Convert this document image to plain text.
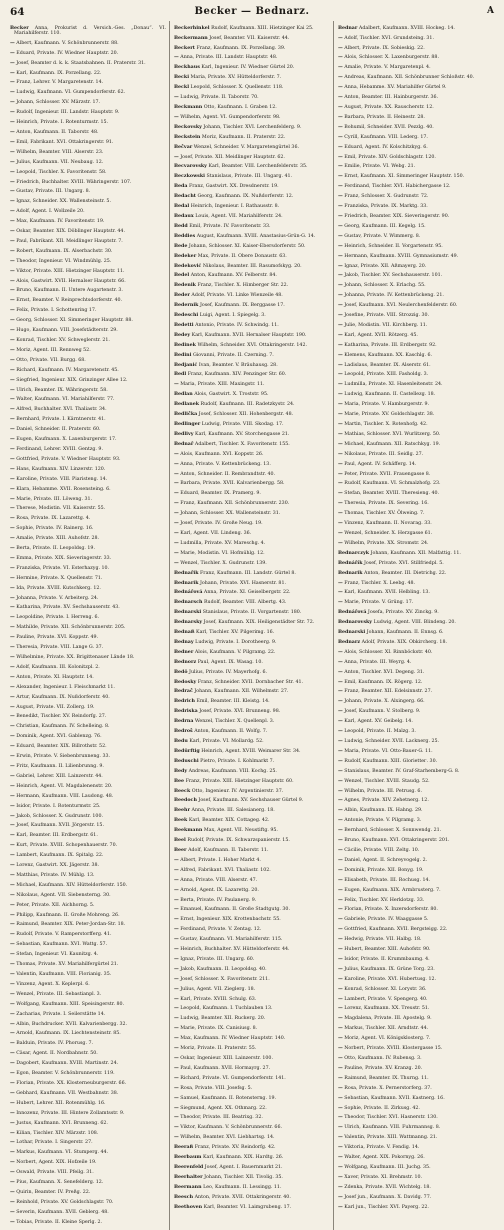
64	Becker — Bednarz.	A

Becker Anna, Prokurist d. Versich.-Ges. „Donau“. VI. Mariahilferstr. 110.

— Albert, Kaufmann. V. Schönbrunnerstr. 88.

— Eduard, Private. IV. Wiedner Hauptstr. 20.

— Josef, Beamter d. k. k. Staatsbahnen. II. Praterstr. 31.

— Karl, Kaufmann. IX. Porzellang. 22.

— Franz, Lehrer. V. Margaretenstr. 14.

— Ludwig, Kaufmann. VI. Gumpendorferstr. 62.

— Johann, Schlosser. XV. Märzstr. 17.

— Rudolf, Ingenieur. III. Landstr. Hauptstr. 9.

— Heinrich, Private. I. Rotenturmstr. 15.

— Anton, Kaufmann. II. Taborstr. 48.

— Emil, Fabrikant. XVI. Ottakringerstr. 91.

— Wilhelm, Beamter. VIII. Alserstr. 23.

— Julius, Kaufmann. VII. Neubaug. 12.

— Leopold, Tischler. X. Favoritenstr. 58.

— Friedrich, Buchhalter. XVIII. Währingerstr. 107.

— Gustav, Private. III. Ungarg. 8.

— Ignaz, Schneider. XX. Wallensteinstr. 5.

— Adolf, Agent. I. Wollzeile 20.

— Max, Kaufmann. IV. Favoritenstr. 19.

— Oskar, Beamter. XIX. Döblinger Hauptstr. 44.

— Paul, Fabrikant. XII. Meidlinger Hauptstr. 7.

— Robert, Kaufmann. IX. Alserbachstr. 30.

— Theodor, Ingenieur. VI. Windmühlg. 25.

— Viktor, Private. XIII. Hietzinger Hauptstr. 11.

— Alois, Gastwirt. XVII. Hernalser Hauptstr. 66.

— Bruno, Kaufmann. II. Untere Augartenstr. 3.

— Ernst, Beamter. V. Reinprechtsdorferstr. 40.

— Felix, Private. I. Schottenring 17.

— Georg, Schlosser. XI. Simmeringer Hauptstr. 88.

— Hugo, Kaufmann. VIII. Josefstädterstr. 29.

— Konrad, Tischler. XV. Schweglerstr. 21.

— Moriz, Agent. III. Rennweg 52.

— Otto, Private. VII. Burgg. 68.

— Richard, Kaufmann. IV. Margaretenstr. 45.

— Siegfried, Ingenieur. XIX. Grinzinger Allee 12.

— Ulrich, Beamter. IX. Währingerstr. 58.

— Walter, Kaufmann. VI. Mariahilferstr. 77.

— Alfred, Buchhalter. XVI. Thaliastr. 34.

— Bernhard, Private. I. Kärntnerstr. 41.

— Daniel, Schneider. II. Praterstr. 60.

— Eugen, Kaufmann. X. Laxenburgerstr. 17.

— Ferdinand, Lehrer. XVIII. Gentzg. 9.

— Gottfried, Private. V. Wiedner Hauptstr. 93.

— Hans, Kaufmann. XIV. Linzerstr. 120.

— Karoline, Private. VIII. Piaristeng. 14.

— Klara, Hebamme. XVII. Rosensteing. 6.

— Marie, Private. III. Löweng. 31.

— Therese, Modistin. VII. Kaiserstr. 55.

— Rosa, Private. IX. Lazarettg. 4.

— Sophie, Private. IV. Rainerg. 16.

— Amalie, Private. XIII. Auhofstr. 28.

— Berta, Private. II. Leopoldsg. 19.

— Emma, Private. XIX. Sieveringerstr. 33.

— Franziska, Private. VI. Esterhazyg. 10.

— Hermine, Private. X. Quellenstr. 71.

— Ida, Private. XVIII. Kutschkerg. 12.

— Johanna, Private. V. Arbeiterg. 24.

— Katharina, Private. XV. Sechshauserstr. 43.

— Leopoldine, Private. I. Herreng. 6.

— Mathilde, Private. XII. Schönbrunnerstr. 205.

— Pauline, Private. XVI. Koppstr. 49.

— Theresia, Private. VIII. Lange G. 37.

— Wilhelmine, Private. XX. Brigittenauer Lände 18.

— Adolf, Kaufmann. III. Kolonitzpl. 2.

— Anton, Private. XI. Hauptstr. 14.

— Alexander, Ingenieur. I. Fleischmarkt 11.

— Artur, Kaufmann. IX. Nußdorferstr. 40.

— August, Private. VII. Zollerg. 19.

— Benedikt, Tischler. XV. Reindorfg. 27.

— Christian, Kaufmann. IV. Schelleing. 8.

— Dominik, Agent. XVI. Gablenzg. 76.

— Eduard, Beamter. XIX. Billrothstr. 52.

— Erwin, Private. V. Siebenbrunneng. 33.

— Fritz, Kaufmann. II. Lilienbrunng. 9.

— Gabriel, Lehrer. XIII. Lainzerstr. 44.

— Heinrich, Agent. VI. Magdalenenstr. 20.

— Hermann, Kaufmann. VIII. Laudong. 48.

— Isidor, Private. I. Rotenturmstr. 25.

— Jakob, Schlosser. X. Gudrunstr. 100.

— Josef, Kaufmann. XVII. Jörgerstr. 15.

— Karl, Beamter. III. Erdbergstr. 61.

— Kurt, Private. XVIII. Schopenhauerstr. 70.

— Lambert, Kaufmann. IX. Spitalg. 22.

— Lorenz, Gastwirt. XX. Jägerstr. 38.

— Matthias, Private. IV. Mühlg. 13.

— Michael, Kaufmann. XIV. Hütteldorferstr. 150.

— Nikolaus, Agent. VII. Siebensterng. 30.

— Peter, Private. XII. Aichhorng. 5.

— Philipp, Kaufmann. II. Große Mohreng. 26.

— Raimund, Beamter. XIX. Peter-Jordan-Str. 18.

— Rudolf, Private. V. Ramperstorfferg. 41.

— Sebastian, Kaufmann. XVI. Wattg. 57.

— Stefan, Ingenieur. VI. Kaunitzg. 4.

— Thomas, Private. XV. Mariahilfergürtel 21.

— Valentin, Kaufmann. VIII. Florianig. 35.

— Vinzenz, Agent. X. Keplerpl. 6.

— Wenzel, Private. III. Sebastianpl. 3.

— Wolfgang, Kaufmann. XIII. Speisingerstr. 80.

— Zacharias, Private. I. Seilerstätte 14.

— Albin, Buchdrucker. XVII. Kalvarienbergg. 32.

— Arnold, Kaufmann. IX. Liechtensteinstr. 85.

— Balduin, Private. IV. Phorusg. 7.

— Cäsar, Agent. II. Nordbahnstr. 50.

— Dagobert, Kaufmann. XVIII. Martinstr. 24.

— Egon, Beamter. V. Schönbrunnerstr. 119.

— Florian, Private. XX. Klosterneuburgerstr. 66.

— Gebhard, Kaufmann. VII. Westbahnstr. 38.

— Hubert, Lehrer. XII. Rotenmühlg. 16.

— Innozenz, Private. III. Hintere Zollamtsstr. 9.

— Justus, Kaufmann. XVI. Brunneng. 62.

— Kilian, Tischler. XIV. Märzstr. 108.

— Lothar, Private. I. Singerstr. 27.

— Markus, Kaufmann. VI. Stumperg. 44.

— Norbert, Agent. XIX. Hofzeile 19.

— Oswald, Private. VIII. Pfeilg. 31.

— Pius, Kaufmann. X. Senefelderg. 12.

— Quirin, Beamter. IV. Preßg. 22.

— Reinhold, Private. XV. Goldschlagstr. 70.

— Severin, Kaufmann. XVII. Geblerg. 48.

— Tobias, Private. II. Kleine Sperlg. 2.

Beckerhinkel Rudolf, Kaufmann. XIII. Hietzinger Kai 25.

Beckermann Josef, Beamter. VII. Kaiserstr. 44.

Beckert Franz, Kaufmann. IX. Porzellang. 39.

— Anna, Private. III. Landstr. Hauptstr. 48.

Beckhaus Karl, Ingenieur. IV. Wiedner Gürtel 20.

Becki Maria, Private. XV. Hütteldorferstr. 7.

Beckl Leopold, Schlosser. X. Quellenstr. 118.

— Ludwig, Private. II. Taborstr. 70.

Beckmann Otto, Kaufmann. I. Graben 12.

— Wilhelm, Agent. VI. Gumpendorferstr. 98.

Beckovsky Johann, Tischler. XVI. Lerchenfelderg. 9.

Beckstein Moriz, Kaufmann. II. Praterstr. 22.

Bečvar Wenzel, Schneider. V. Margaretengürtel 36.

— Josef, Private. XII. Meidlinger Hauptstr. 62.

Becvarovsky Karl, Beamter. VIII. Lerchenfelderstr. 35.

Beczkowski Stanislaus, Private. III. Ungarg. 41.

Beda Franz, Gastwirt. XX. Dresdnerstr. 19.

Bedacht Georg, Kaufmann. IX. Nußdorferstr. 12.

Bedal Heinrich, Ingenieur. I. Rathausstr. 8.

Bedaux Louis, Agent. VII. Mariahilferstr. 24.

Bedd Emil, Private. IV. Favoritenstr. 33.

Beddies August, Kaufmann. XVIII. Anastasius-Grün-G. 14.

Bede Johann, Schlosser. XI. Kaiser-Ebersdorferstr. 50.

Bedeker Max, Private. II. Obere Donaustr. 63.

Bedeković Nikolaus, Beamter. III. Rasumofskyg. 20.

Bedel Anton, Kaufmann. XV. Felberstr. 84.

Bedenik Franz, Tischler. X. Himberger Str. 22.

Beder Adolf, Private. VI. Linke Wienzeile 48.

Bedernik Josef, Kaufmann. IX. Berggasse 17.

Bedeschi Luigi, Agent. I. Spiegelg. 3.

Bedetti Antonio, Private. IV. Schwindg. 11.

Bedey Karl, Kaufmann. XVII. Hernalser Hauptstr. 190.

Bedinek Wilhelm, Schneider. XVI. Ottakringerstr. 142.

Bedini Giovanni, Private. II. Czerning. 7.

Bedjanić Ivan, Beamter. V. Bräuhausg. 28.

Bedl Franz, Kaufmann. XIV. Penzinger Str. 60.

— Maria, Private. XIII. Maxingstr. 11.

Bedlan Alois, Gastwirt. X. Troststr. 95.

Bedlanek Rudolf, Kaufmann. III. Radetzkystr. 24.

Bedlička Josef, Schlosser. XII. Hohenbergstr. 48.

Bedlinger Ludwig, Private. VIII. Skodag. 17.

Bedlivy Karl, Kaufmann. XV. Storchengasse 21.

Bednař Adalbert, Tischler. X. Favoritenstr. 155.

— Alois, Kaufmann. XVI. Koppstr. 26.

— Anna, Private. V. Kettenbrückeng. 13.

— Anton, Schneider. II. Rembrandtstr. 40.

— Barbara, Private. XVII. Kalvarienbergg. 58.

— Eduard, Beamter. IX. Pramerg. 9.

— Franz, Kaufmann. XII. Schönbrunnerstr. 230.

— Johann, Schlosser. XX. Wallensteinstr. 31.

— Josef, Private. IV. Große Neug. 19.

— Karl, Agent. VII. Lindeng. 36.

— Ludmilla, Private. XV. Mareschg. 4.

— Marie, Modistin. VI. Hofmühlg. 12.

— Wenzel, Tischler. X. Gudrunstr. 139.

Bednařik Franz, Kaufmann. III. Landstr. Gürtel 8.

Bednarik Johann, Private. XVI. Hasnerstr. 81.

Bednářová Anna, Private. XI. Geiselbergstr. 22.

Bednarsch Rudolf, Beamter. VIII. Albertg. 43.

Bednarski Stanislaus, Private. II. Vorgartenstr. 180.

Bednarsky Josef, Kaufmann. XIX. Heiligenstädter Str. 72.

Bednaß Karl, Tischler. XV. Pilgerimg. 16.

Bednay Ludwig, Private. I. Dorotheerg. 9.

Bedner Alois, Kaufmann. V. Pilgramg. 22.

Bednorz Paul, Agent. IX. Wasag. 10.

Bedö Julius, Private. IV. Mayerhofg. 6.

Bedosky Franz, Schneider. XVII. Dornbacher Str. 41.

Bedrač Johann, Kaufmann. XII. Wilhelmstr. 27.

Bedrich Emil, Beamter. III. Kleistg. 14.

Bedriska Josef, Private. XVI. Brunneng. 98.

Bedrna Wenzel, Tischler. X. Quellenpl. 3.

Bedroš Anton, Kaufmann. II. Wolfg. 7.

Bedu Karl, Private. VI. Mollardg. 52.

Bedürftig Heinrich, Agent. XVIII. Weimarer Str. 34.

Beduschi Pietro, Private. I. Kohlmarkt 7.

Bedy Andreas, Kaufmann. VIII. Kochg. 25.

Bee Franz, Private. XIII. Hietzinger Hauptstr. 60.

Beeck Otto, Ingenieur. IV. Argentinierstr. 37.

Beedoch Josef, Kaufmann. XV. Sechshauser Gürtel 9.

Beehr Anna, Private. III. Salesianerg. 18.

Beek Karl, Beamter. XIX. Cottageg. 42.

Beekmann Max, Agent. VII. Neustiftg. 95.

Beel Rudolf, Private. IX. Schwarzspanierstr. 15.

Beer Adolf, Kaufmann. II. Taborstr. 11.

— Albert, Private. I. Hoher Markt 4.

— Alfred, Fabrikant. XVI. Thaliastr. 102.

— Anna, Private. VIII. Alserstr. 47.

— Arnold, Agent. IX. Lazarettg. 20.

— Berta, Private. IV. Paulanerg. 9.

— Emanuel, Kaufmann. II. Große Stadtgutg. 30.

— Ernst, Ingenieur. XIX. Krottenbachstr. 55.

— Ferdinand, Private. V. Zentag. 12.

— Gustav, Kaufmann. VI. Mariahilferstr. 115.

— Heinrich, Buchhalter. XV. Hütteldorferstr. 44.

— Ignaz, Private. III. Ungarg. 60.

— Jakob, Kaufmann. II. Leopoldsg. 40.

— Josef, Schlosser. X. Favoritenstr. 211.

— Julius, Agent. VII. Zieglerg. 18.

— Karl, Private. XVIII. Schulg. 63.

— Leopold, Kaufmann. I. Tuchlauben 13.

— Ludwig, Beamter. XII. Ruckerg. 20.

— Marie, Private. IX. Canisiusg. 8.

— Max, Kaufmann. IV. Wiedner Hauptstr. 140.

— Moriz, Private. II. Praterstr. 55.

— Oskar, Ingenieur. XIII. Lainzerstr. 100.

— Paul, Kaufmann. XVII. Hormayrg. 27.

— Richard, Private. VI. Gumpendorferstr. 141.

— Rosa, Private. VIII. Josefsg. 5.

— Samuel, Kaufmann. II. Rotensterng. 19.

— Siegmund, Agent. XX. Othmarg. 22.

— Theodor, Private. III. Beatrixg. 32.

— Viktor, Kaufmann. V. Schönbrunnerstr. 66.

— Wilhelm, Beamter. XVI. Liebhartsg. 14.

Beeraß Franz, Private. XV. Reindorfg. 42.

Beerbaum Karl, Kaufmann. XIX. Hardtg. 26.

Beerenfeld Josef, Agent. I. Bauernmarkt 21.

Beerhalter Johann, Tischler. XII. Tivolig. 35.

Beermann Leo, Kaufmann. II. Lessingg. 11.

Beesch Anton, Private. XVII. Ottakringerstr. 40.

Beethoven Karl, Beamter. VI. Laimgrubeng. 17.

Bednar Adalbert, Kaufmann. XVIII. Hockeg. 14.

— Adolf, Tischler. XVI. Grundsteing. 31.

— Albert, Private. IX. Sobieskig. 22.

— Alois, Schlosser. X. Laxenburgerstr. 88.

— Amalie, Private. V. Margaretenpl. 4.

— Andreas, Kaufmann. XII. Schönbrunner Schloßstr. 40.

— Anna, Hebamme. XV. Mariahilfer Gürtel 9.

— Anton, Beamter. III. Hainburgerstr. 36.

— August, Private. XX. Rauscherstr. 12.

— Barbara, Private. II. Heinestr. 28.

— Bohumil, Schneider. XVII. Pezzlg. 40.

— Cyrill, Kaufmann. VIII. Lederg. 17.

— Eduard, Agent. IV. Kolschitzkyg. 6.

— Emil, Private. XIV. Goldschlagstr. 120.

— Emilie, Private. VI. Webg. 21.

— Ernst, Kaufmann. XI. Simmeringer Hauptstr. 150.

— Ferdinand, Tischler. XVI. Habichergasse 12.

— Franz, Schlosser. X. Gudrunstr. 72.

— Franziska, Private. IX. Marktg. 33.

— Friedrich, Beamter. XIX. Sieveringerstr. 90.

— Georg, Kaufmann. III. Kegelg. 15.

— Gustav, Private. V. Wimmerg. 8.

— Heinrich, Schneider. II. Vorgartenstr. 95.

— Hermann, Kaufmann. XVIII. Gymnasiumstr. 49.

— Ignaz, Private. XII. Aßmayerg. 20.

— Jakob, Tischler. XV. Sechshauserstr. 101.

— Johann, Schlosser. X. Erlachg. 55.

— Johanna, Private. IV. Kettenbrückeng. 21.

— Josef, Kaufmann. XVI. Neulerchenfelderstr. 60.

— Josefine, Private. VIII. Strozzig. 30.

— Julie, Modistin. VII. Kirchberg. 11.

— Karl, Agent. XVII. Rötzerg. 45.

— Katharina, Private. III. Erdbergstr. 92.

— Klemens, Kaufmann. XX. Kaschlg. 6.

— Ladislaus, Beamter. IX. Alserstr. 61.

— Leopold, Private. XIII. Fasholdg. 3.

— Ludmilla, Private. XI. Hasenleitenstr. 24.

— Ludwig, Kaufmann. II. Castellezg. 18.

— Maria, Private. V. Hamburgerstr. 9.

— Marie, Private. XV. Goldschlagstr. 38.

— Martin, Tischler. X. Rotenhofg. 42.

— Mathias, Schlosser. XVI. Wurlitzerg. 50.

— Michael, Kaufmann. XII. Ratschkyg. 19.

— Nikolaus, Private. III. Seidlg. 27.

— Paul, Agent. IV. Schäfferg. 14.

— Peter, Private. XVII. Frauengasse 8.

— Rudolf, Kaufmann. VI. Schmalzhofg. 23.

— Stefan, Beamter. XVIII. Theresieng. 40.

— Theresia, Private. IX. Severing. 16.

— Thomas, Tischler. XV. Ölweing. 7.

— Vinzenz, Kaufmann. II. Novarag. 33.

— Wenzel, Schneider. X. Herzgasse 61.

— Wilhelm, Private. XX. Stromstr. 24.

Bednarczyk Johann, Kaufmann. XII. Malfattig. 11.

Bednářík Josef, Private. XVI. Stillfriedpl. 5.

Bednarik Anton, Beamter. III. Dietrichg. 22.

— Franz, Tischler. X. Leebg. 48.

— Karl, Kaufmann. XVII. Helbling. 13.

— Marie, Private. V. Grüng. 17.

Bednářová Josefa, Private. XV. Zinckg. 9.

Bednarovsky Ludwig, Agent. VIII. Blindeng. 20.

Bednarski Johann, Kaufmann. II. Ennsg. 6.

Bednarz Adolf, Private. XIX. Obkircherg. 18.

— Alois, Schlosser. XI. Rinnböckstr. 40.

— Anna, Private. III. Weyrg. 4.

— Anton, Tischler. XVI. Degeng. 31.

— Emil, Kaufmann. IX. Rögerg. 12.

— Franz, Beamter. XII. Edelsinnstr. 27.

— Johann, Private. X. Alxingerg. 66.

— Josef, Kaufmann. V. Stolberg. 9.

— Karl, Agent. XV. Geibelg. 14.

— Leopold, Private. II. Malzg. 3.

— Ludwig, Schneider. XVII. Lacknerg. 25.

— Maria, Private. VI. Otto-Bauer-G. 11.

— Rudolf, Kaufmann. XIII. Gloriettег. 30.

— Stanislaus, Beamter. IV. Graf-Starhemberg-G. 8.

— Wenzel, Tischler. XVIII. Staudg. 52.

— Wilhelm, Private. III. Petrusg. 6.

— Agnes, Private. XIV. Zehetnerg. 12.

— Albin, Kaufmann. IX. Hahng. 29.

— Antonie, Private. V. Pilgramg. 3.

— Bernhard, Schlosser. X. Sonnwendg. 21.

— Bruno, Kaufmann. XVI. Ottakringerstr. 201.

— Cäcilie, Private. VIII. Zeltg. 10.

— Daniel, Agent. II. Schreyvogelg. 2.

— Dominik, Private. XII. Bonyg. 19.

— Elisabeth, Private. III. Rochusg. 14.

— Eugen, Kaufmann. XIX. Armbrusterg. 7.

— Felix, Tischler. XV. Herklotzg. 33.

— Florian, Private. X. Inzersdorferstr. 80.

— Gabriele, Private. IV. Waaggasse 5.

— Gottfried, Kaufmann. XVII. Bergsteigg. 22.

— Hedwig, Private. VII. Halbg. 18.

— Hubert, Beamter. XIII. Auhofstr. 90.

— Isidor, Private. II. Krummbaumg. 4.

— Julius, Kaufmann. IX. Grüne Torg. 23.

— Karoline, Private. XVI. Hubertusg. 12.

— Konrad, Schlosser. XI. Lorystr. 36.

— Lambert, Private. V. Spengerg. 40.

— Lorenz, Kaufmann. XX. Treustr. 51.

— Magdalena, Private. III. Apostelg. 9.

— Markus, Tischler. XII. Arndtstr. 44.

— Moriz, Agent. VI. Königsklosterg. 7.

— Norbert, Private. XVIII. Klostergasse 15.

— Otto, Kaufmann. IV. Rubensg. 3.

— Pauline, Private. XV. Kranzg. 20.

— Raimund, Beamter. IX. Thurng. 11.

— Rosa, Private. X. Pernerstorferg. 37.

— Sebastian, Kaufmann. XVII. Kastnerg. 16.

— Sophie, Private. II. Zirkusg. 42.

— Theodor, Tischler. XVI. Hasnerstr. 130.

— Ulrich, Kaufmann. VIII. Fuhrmannsg. 8.

— Valentin, Private. XIII. Wattmanng. 21.

— Viktoria, Private. V. Fendig. 14.

— Walter, Agent. XIX. Pokornyg. 26.

— Wolfgang, Kaufmann. III. Juchg. 35.

— Xaver, Private. XI. Brehmstr. 10.

— Zdenka, Private. XVII. Wichtelg. 18.

— Josef jun., Kaufmann. X. Davidg. 77.

— Karl jun., Tischler. XVI. Payerg. 22.
